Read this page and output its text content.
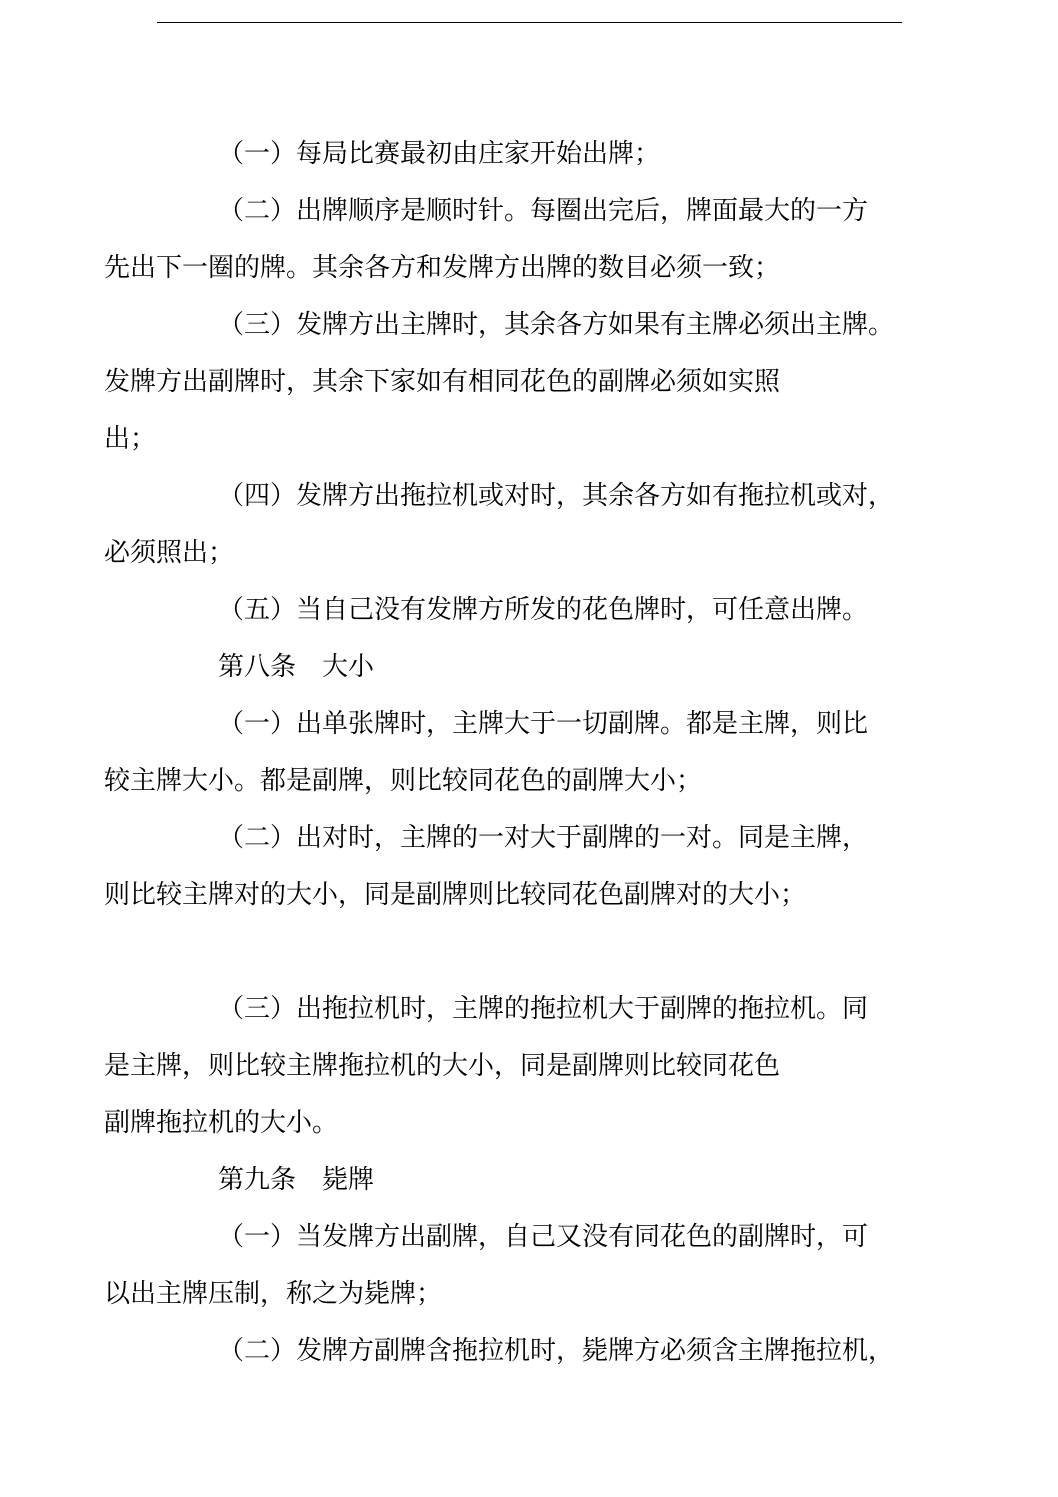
（一）每局比赛最初由庄家开始出牌；

（二）出牌顺序是顺时针。每圈出完后，牌面最大的一方
先出下一圈的牌。其余各方和发牌方出牌的数目必须一致；

（三）发牌方出主牌时，其余各方如果有主牌必须出主牌。
发牌方出副牌时，其余下家如有相同花色的副牌必须如实照
出；

（四）发牌方出拖拉机或对时，其余各方如有拖拉机或对，
必须照出；

（五）当自己没有发牌方所发的花色牌时，可任意出牌。

第八条　大小

（一）出单张牌时，主牌大于一切副牌。都是主牌，则比
较主牌大小。都是副牌，则比较同花色的副牌大小；

（二）出对时，主牌的一对大于副牌的一对。同是主牌，
则比较主牌对的大小，同是副牌则比较同花色副牌对的大小；

（三）出拖拉机时，主牌的拖拉机大于副牌的拖拉机。同
是主牌，则比较主牌拖拉机的大小，同是副牌则比较同花色
副牌拖拉机的大小。

第九条　毙牌

（一）当发牌方出副牌，自己又没有同花色的副牌时，可
以出主牌压制，称之为毙牌；

（二）发牌方副牌含拖拉机时，毙牌方必须含主牌拖拉机，
